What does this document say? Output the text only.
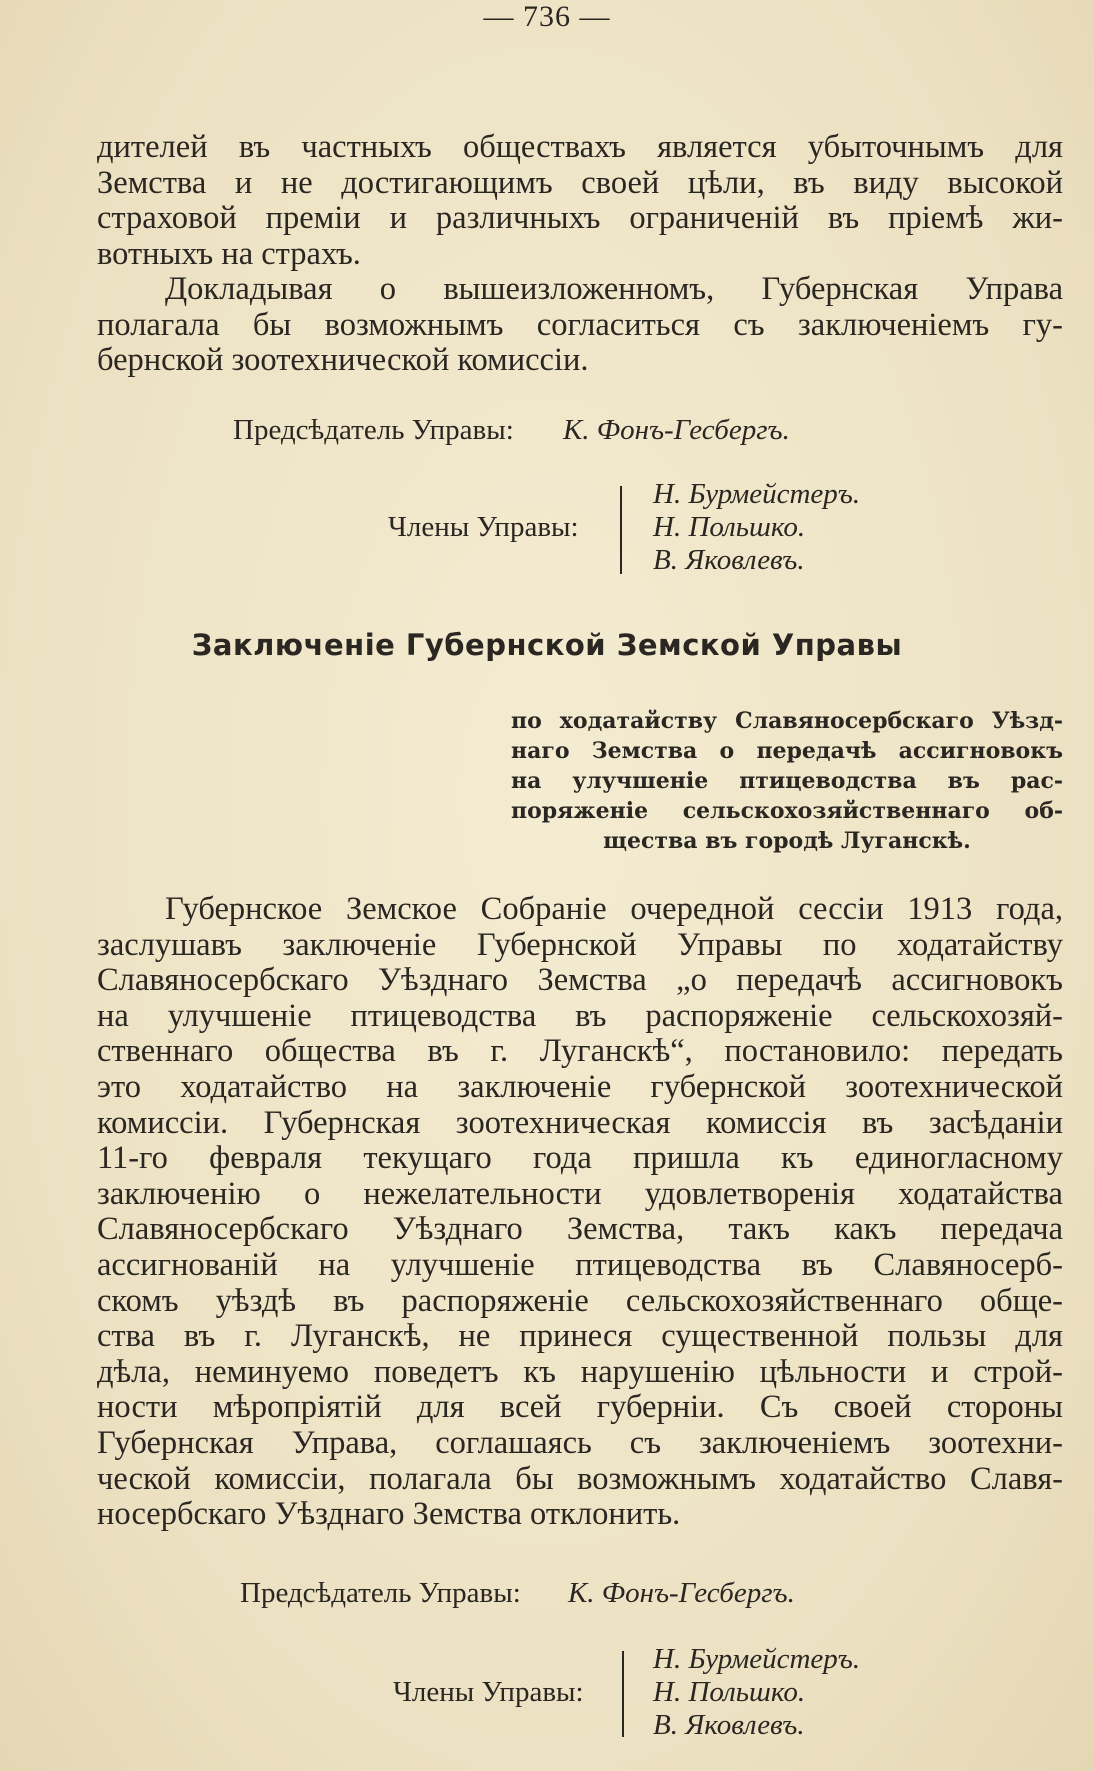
— 736 —
дителей въ частныхъ обществахъ является убыточнымъ для
Земства и не достигающимъ своей цѣли, въ виду высокой
страховой преміи и различныхъ ограниченій въ пріемѣ жи-
вотныхъ на страхъ.
Докладывая о вышеизложенномъ, Губернская Управа
полагала бы возможнымъ согласиться съ заключеніемъ гу-
бернской зоотехнической комиссіи.
Предсѣдатель Управы: К. Фонъ-Гесбергъ.
Члены Управы:
Н. Бурмейстеръ.
Н. Польшко.
В. Яковлевъ.
Заключеніе Губернской Земской Управы
по ходатайству Славяносербскаго Уѣзд-
наго Земства о передачѣ ассигновокъ
на улучшеніе птицеводства въ рас-
поряженіе сельскохозяйственнаго об-
щества въ городѣ Луганскѣ.
Губернское Земское Собраніе очередной сессіи 1913 года,
заслушавъ заключеніе Губернской Управы по ходатайству
Славяносербскаго Уѣзднаго Земства „о передачѣ ассигновокъ
на улучшеніе птицеводства въ распоряженіе сельскохозяй-
ственнаго общества въ г. Луганскѣ“, постановило: передать
это ходатайство на заключеніе губернской зоотехнической
комиссіи. Губернская зоотехническая комиссія въ засѣданіи
11-го февраля текущаго года пришла къ единогласному
заключенію о нежелательности удовлетворенія ходатайства
Славяносербскаго Уѣзднаго Земства, такъ какъ передача
ассигнованій на улучшеніе птицеводства въ Славяносерб-
скомъ уѣздѣ въ распоряженіе сельскохозяйственнаго обще-
ства въ г. Луганскѣ, не принеся существенной пользы для
дѣла, неминуемо поведетъ къ нарушенію цѣльности и строй-
ности мѣропріятій для всей губерніи. Съ своей стороны
Губернская Управа, соглашаясь съ заключеніемъ зоотехни-
ческой комиссіи, полагала бы возможнымъ ходатайство Славя-
носербскаго Уѣзднаго Земства отклонить.
Предсѣдатель Управы: К. Фонъ-Гесбергъ.
Члены Управы:
Н. Бурмейстеръ.
Н. Польшко.
В. Яковлевъ.
